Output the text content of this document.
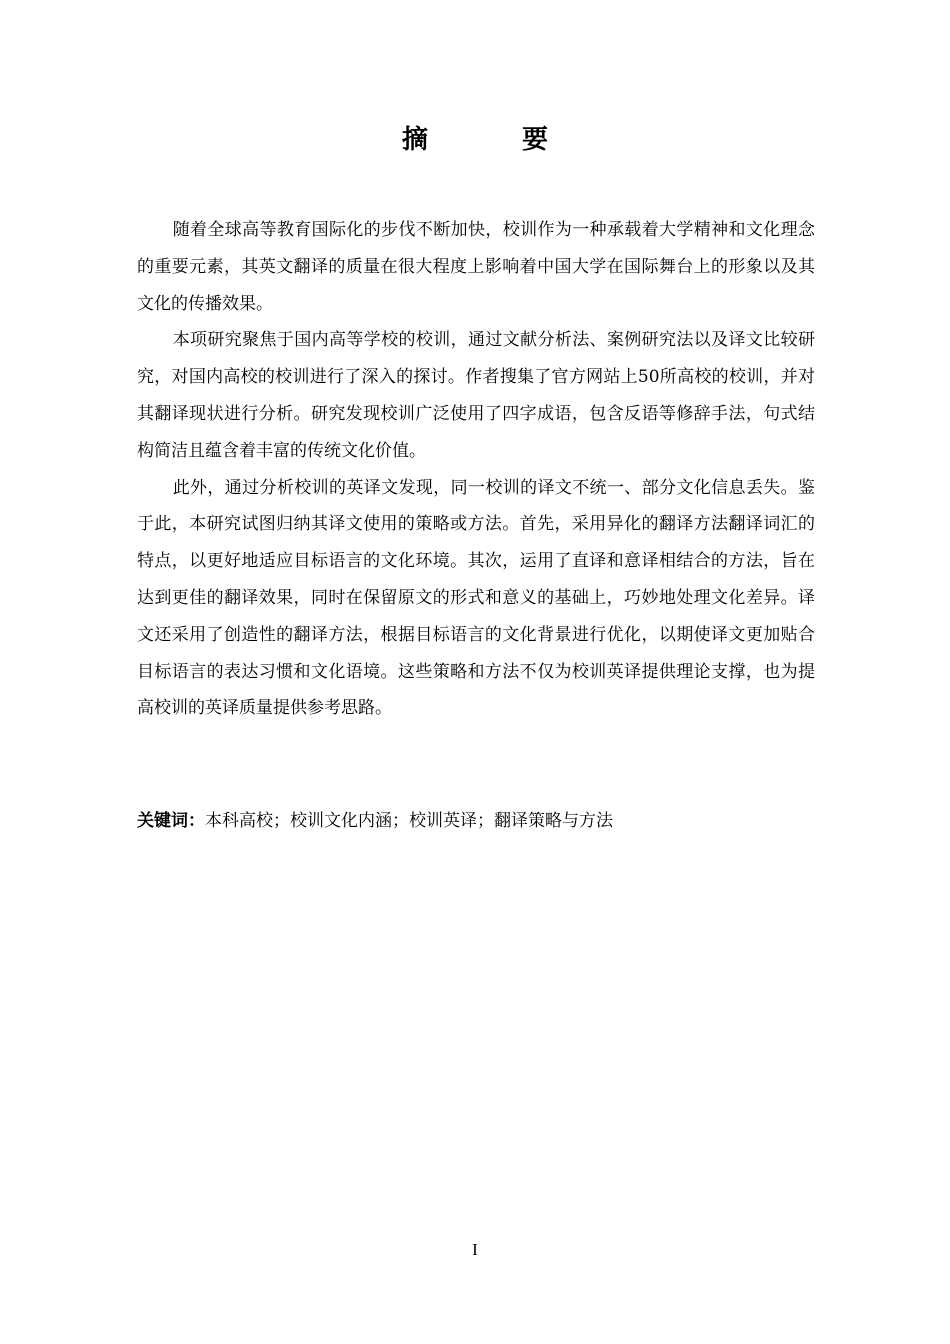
摘　要

随着全球高等教育国际化的步伐不断加快，校训作为一种承载着大学精神和文化理念的重要元素，其英文翻译的质量在很大程度上影响着中国大学在国际舞台上的形象以及其文化的传播效果。

本项研究聚焦于国内高等学校的校训，通过文献分析法、案例研究法以及译文比较研究，对国内高校的校训进行了深入的探讨。作者搜集了官方网站上50所高校的校训，并对其翻译现状进行分析。研究发现校训广泛使用了四字成语，包含反语等修辞手法，句式结构简洁且蕴含着丰富的传统文化价值。

此外，通过分析校训的英译文发现，同一校训的译文不统一、部分文化信息丢失。鉴于此，本研究试图归纳其译文使用的策略或方法。首先，采用异化的翻译方法翻译词汇的特点，以更好地适应目标语言的文化环境。其次，运用了直译和意译相结合的方法，旨在达到更佳的翻译效果，同时在保留原文的形式和意义的基础上，巧妙地处理文化差异。译文还采用了创造性的翻译方法，根据目标语言的文化背景进行优化，以期使译文更加贴合目标语言的表达习惯和文化语境。这些策略和方法不仅为校训英译提供理论支撑，也为提高校训的英译质量提供参考思路。

关键词：本科高校；校训文化内涵；校训英译；翻译策略与方法
I
